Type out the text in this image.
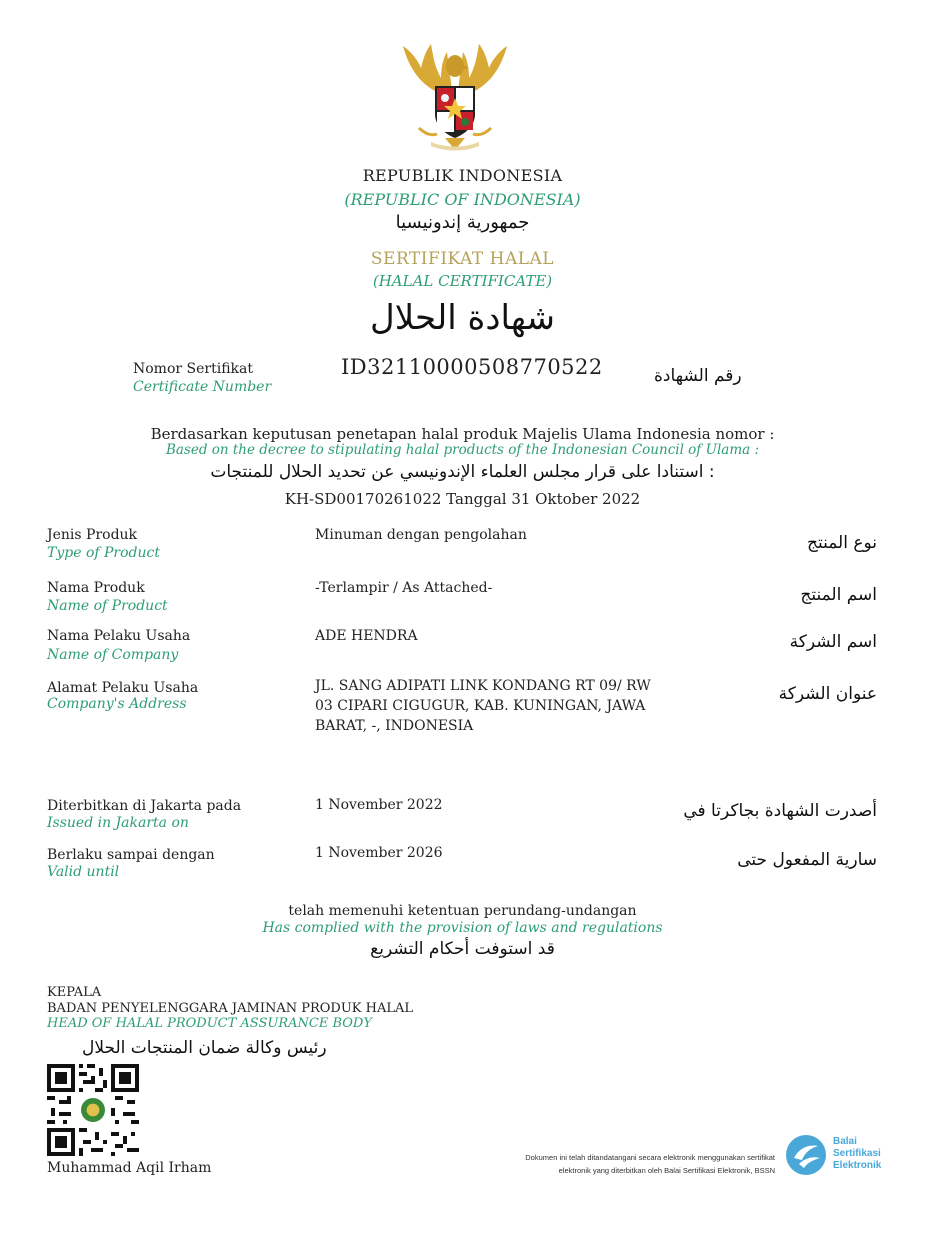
REPUBLIK INDONESIA
(REPUBLIC OF INDONESIA)
جمهورية إندونيسيا
SERTIFIKAT HALAL
(HALAL CERTIFICATE)
شهادة الحلال
Nomor Sertifikat
Certificate Number
ID32110000508770522	رقم الشهادة
Berdasarkan keputusan penetapan halal produk Majelis Ulama Indonesia nomor :
Based on the decree to stipulating halal products of the Indonesian Council of Ulama :
استنادا على قرار مجلس العلماء الإندونيسي عن تحديد الحلال للمنتجات :
KH-SD00170261022 Tanggal 31 Oktober 2022
Jenis Produk
Type of Product
Minuman dengan pengolahan	نوع المنتج
Nama Produk
Name of Product
-Terlampir / As Attached-	اسم المنتج
Nama Pelaku Usaha
Name of Company
ADE HENDRA	اسم الشركة
Alamat Pelaku Usaha
Company's Address
JL. SANG ADIPATI LINK KONDANG RT 09/ RW
03 CIPARI CIGUGUR, KAB. KUNINGAN, JAWA
BARAT, -, INDONESIA
عنوان الشركة
Diterbitkan di Jakarta pada
Issued in Jakarta on
1 November 2022	أصدرت الشهادة بجاكرتا في
Berlaku sampai dengan
Valid until
1 November 2026	سارية المفعول حتى
telah memenuhi ketentuan perundang-undangan
Has complied with the provision of laws and regulations
قد استوفت أحكام التشريع
KEPALA
BADAN PENYELENGGARA JAMINAN PRODUK HALAL
HEAD OF HALAL PRODUCT ASSURANCE BODY
رئيس وكالة ضمان المنتجات الحلال
Muhammad Aqil Irham
Dokumen ini telah ditandatangani secara elektronik menggunakan sertifikat
elektronik yang diterbitkan oleh Balai Sertifikasi Elektronik, BSSN
Balai
Sertifikasi
Elektronik
